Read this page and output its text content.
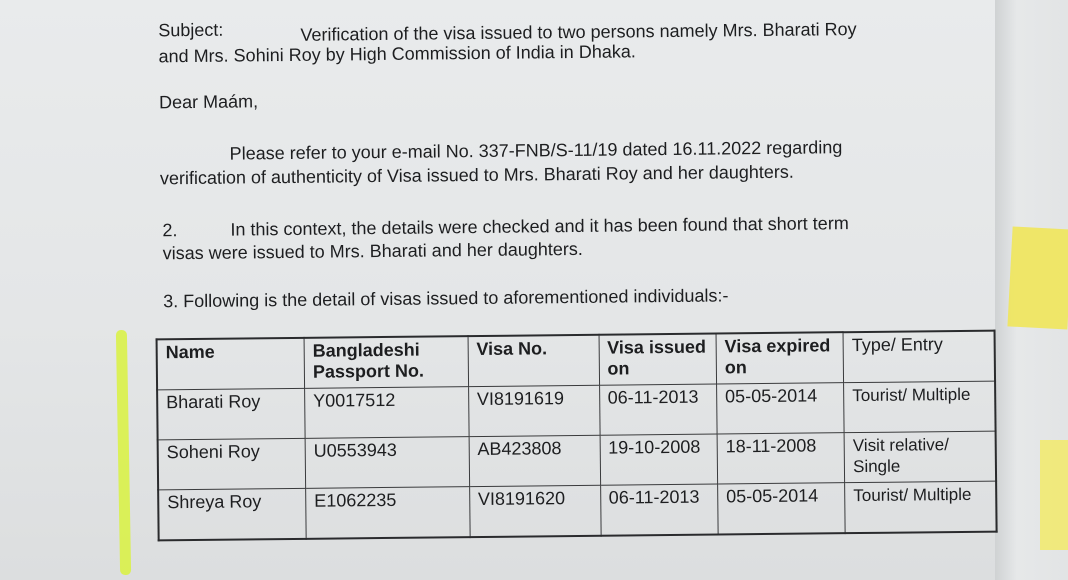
Subject:	Verification of the visa issued to two persons namely Mrs. Bharati Roy
and Mrs. Sohini Roy by High Commission of India in Dhaka.
Dear Maám,
Please refer to your e-mail No. 337-FNB/S-11/19 dated 16.11.2022 regarding
verification of authenticity of Visa issued to Mrs. Bharati Roy and her daughters.
2.	In this context, the details were checked and it has been found that short term
visas were issued to Mrs. Bharati and her daughters.
3. Following is the detail of visas issued to aforementioned individuals:-
Name	Bangladeshi Passport No.	Visa No.	Visa issued on	Visa expired on	Type/ Entry
Bharati Roy	Y0017512	VI8191619	06-11-2013	05-05-2014	Tourist/ Multiple
Soheni Roy	U0553943	AB423808	19-10-2008	18-11-2008	Visit relative/ Single
Shreya Roy	E1062235	VI8191620	06-11-2013	05-05-2014	Tourist/ Multiple
